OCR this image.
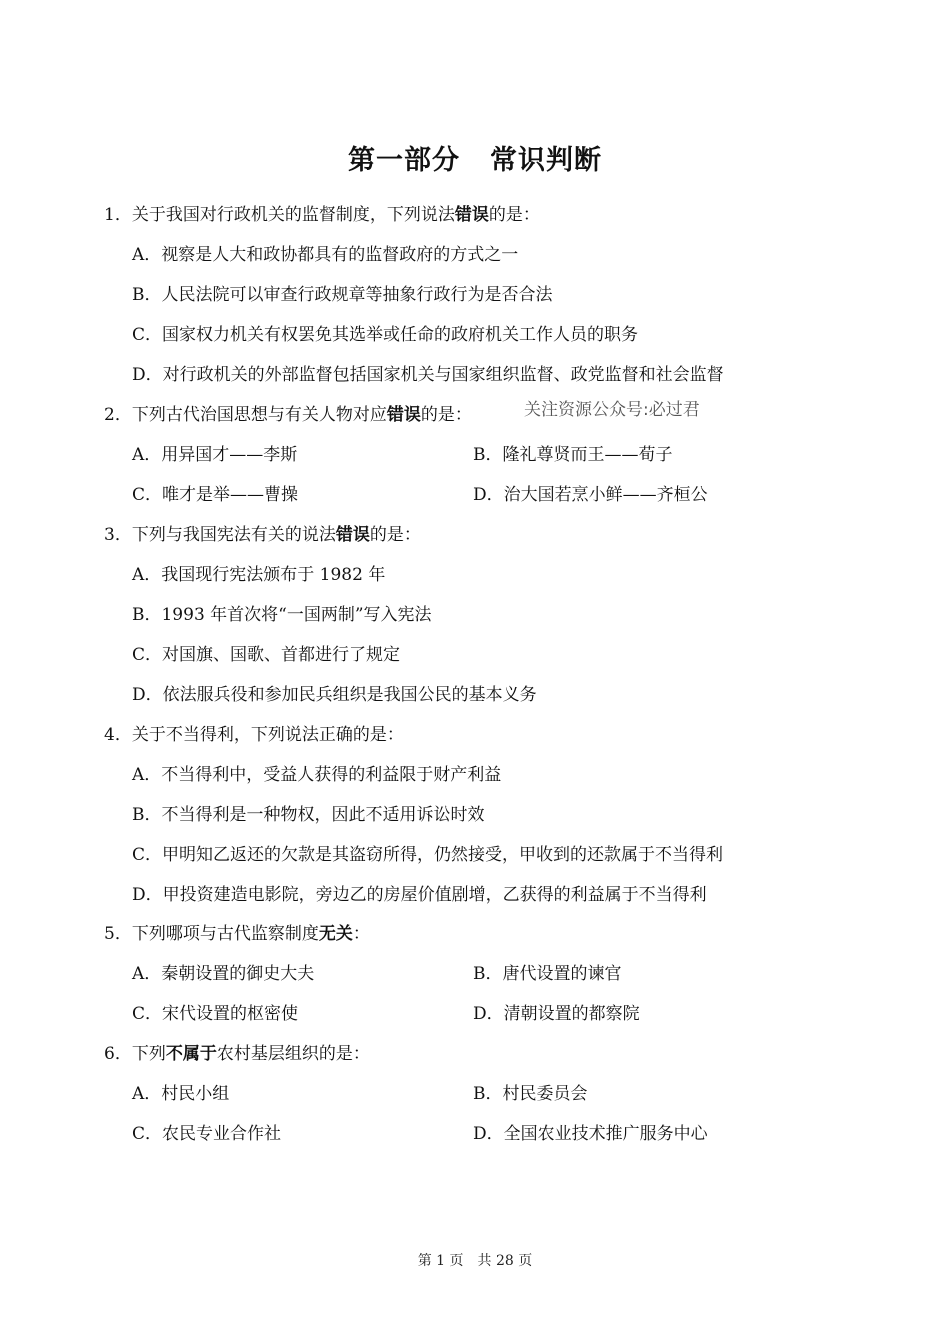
第一部分 常识判断
1．关于我国对行政机关的监督制度，下列说法错误的是：
A．视察是人大和政协都具有的监督政府的方式之一
B．人民法院可以审查行政规章等抽象行政行为是否合法
C．国家权力机关有权罢免其选举或任命的政府机关工作人员的职务
D．对行政机关的外部监督包括国家机关与国家组织监督、政党监督和社会监督
2．下列古代治国思想与有关人物对应错误的是：	关注资源公众号:必过君
A．用异国才——李斯	B．隆礼尊贤而王——荀子
C．唯才是举——曹操	D．治大国若烹小鲜——齐桓公
3．下列与我国宪法有关的说法错误的是：
A．我国现行宪法颁布于 1982 年
B．1993 年首次将“一国两制”写入宪法
C．对国旗、国歌、首都进行了规定
D．依法服兵役和参加民兵组织是我国公民的基本义务
4．关于不当得利，下列说法正确的是：
A．不当得利中，受益人获得的利益限于财产利益
B．不当得利是一种物权，因此不适用诉讼时效
C．甲明知乙返还的欠款是其盗窃所得，仍然接受，甲收到的还款属于不当得利
D．甲投资建造电影院，旁边乙的房屋价值剧增，乙获得的利益属于不当得利
5．下列哪项与古代监察制度无关：
A．秦朝设置的御史大夫	B．唐代设置的谏官
C．宋代设置的枢密使	D．清朝设置的都察院
6．下列不属于农村基层组织的是：
A．村民小组	B．村民委员会
C．农民专业合作社	D．全国农业技术推广服务中心
第 1 页　共 28 页
